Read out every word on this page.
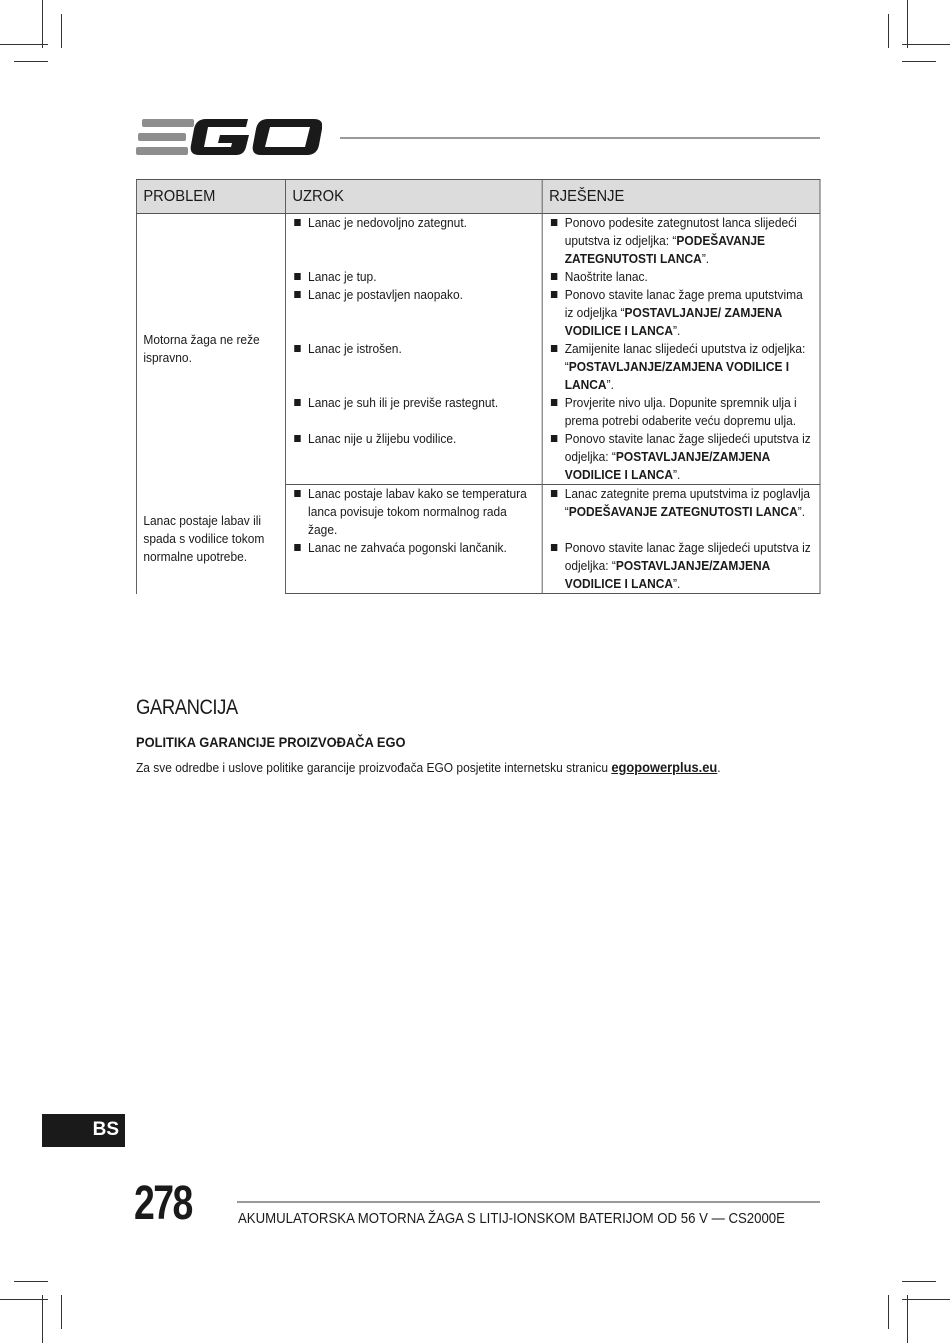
PROBLEM	UZROK	RJEŠENJE
Motorna žaga ne reže ispravno.	Lanac je nedovoljno zategnut.	Ponovo podesite zategnutost lanca slijedeći uputstva iz odjeljka: “PODEŠAVANJE ZATEGNUTOSTI LANCA”.

	Lanac je tup.	Naoštrite lanac.

	Lanac je postavljen naopako.	Ponovo stavite lanac žage prema uputstvima iz odjeljka “POSTAVLJANJE/ ZAMJENA VODILICE I LANCA”.

	Lanac je istrošen.	Zamijenite lanac slijedeći uputstva iz odjeljka: “POSTAVLJANJE/ZAMJENA VODILICE I LANCA”.

	Lanac je suh ili je previše rastegnut.	Provjerite nivo ulja. Dopunite spremnik ulja i prema potrebi odaberite veću dopremu ulja.

	Lanac nije u žlijebu vodilice.	Ponovo stavite lanac žage slijedeći uputstva iz odjeljka: “POSTAVLJANJE/ZAMJENA VODILICE I LANCA”.

Lanac postaje labav ili spada s vodilice tokom normalne upotrebe.	Lanac postaje labav kako se temperatura lanca povisuje tokom normalnog rada žage.	Lanac zategnite prema uputstvima iz poglavlja “PODEŠAVANJE ZATEGNUTOSTI LANCA”.

	Lanac ne zahvaća pogonski lančanik.	Ponovo stavite lanac žage slijedeći uputstva iz odjeljka: “POSTAVLJANJE/ZAMJENA VODILICE I LANCA”.
GARANCIJA
POLITIKA GARANCIJE PROIZVOĐAČA EGO
Za sve odredbe i uslove politike garancije proizvođača EGO posjetite internetsku stranicu egopowerplus.eu.
BS
278	AKUMULATORSKA MOTORNA ŽAGA S LITIJ-IONSKOM BATERIJOM OD 56 V — CS2000E
